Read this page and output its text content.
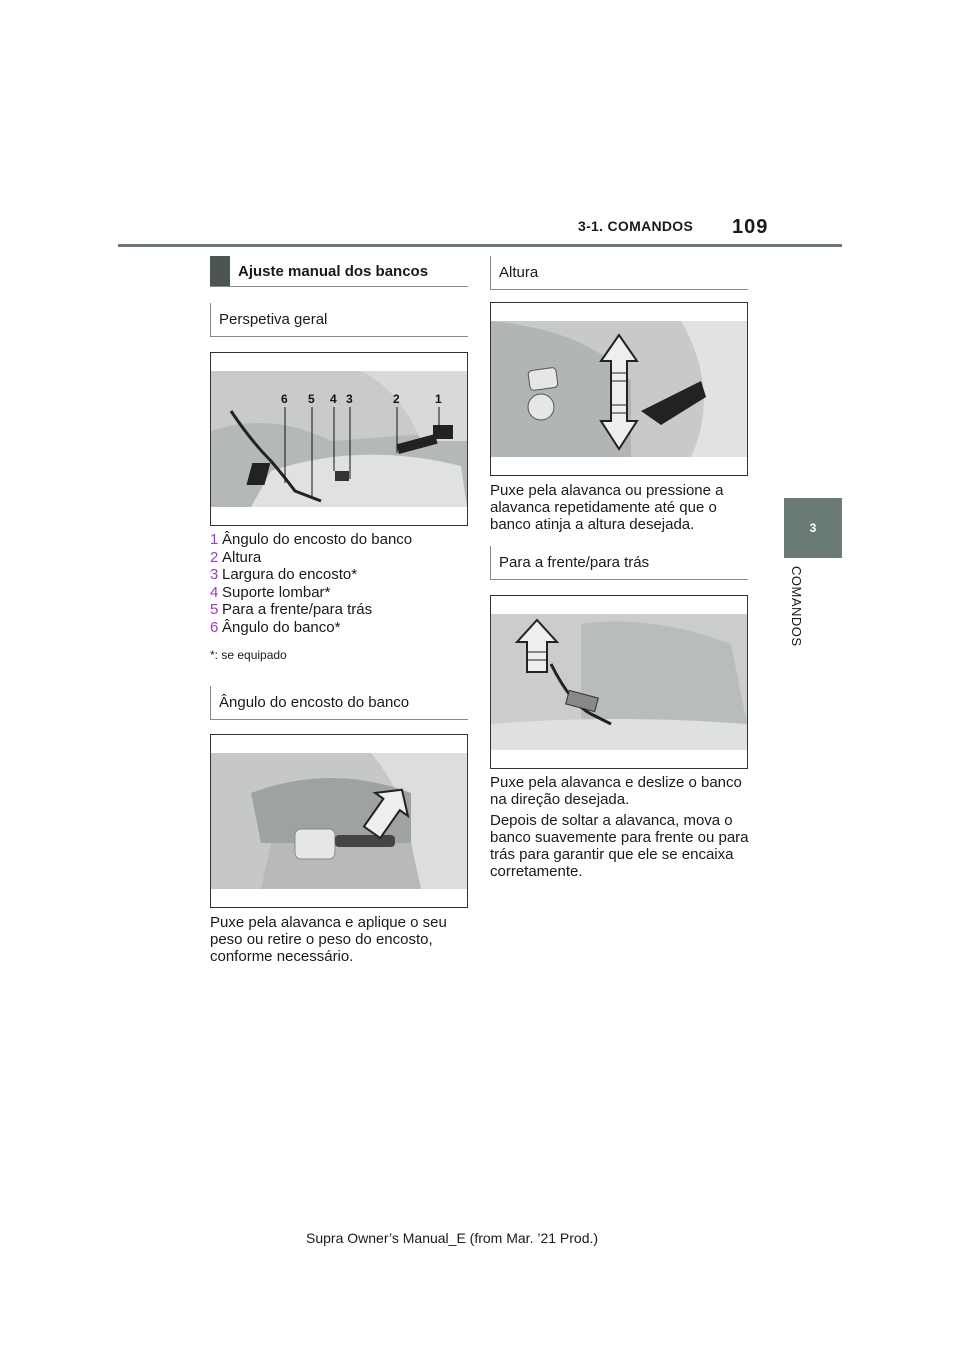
3-1. COMANDOS 109
3
COMANDOS
Ajuste manual dos bancos
Perspetiva geral
6 5 4 3	2	1
1 Ângulo do encosto do banco
2 Altura
3 Largura do encosto*
4 Suporte lombar*
5 Para a frente/para trás
6 Ângulo do banco*
*: se equipado
Ângulo do encosto do banco
Puxe pela alavanca e aplique o seu peso ou retire o peso do encosto, conforme necessário.
Altura
Puxe pela alavanca ou pressione a alavanca repetidamente até que o banco atinja a altura desejada.
Para a frente/para trás
Puxe pela alavanca e deslize o banco na direção desejada.
Depois de soltar a alavanca, mova o banco suavemente para frente ou para trás para garantir que ele se encaixa corretamente.
Supra Owner’s Manual_E (from Mar. ’21 Prod.)
